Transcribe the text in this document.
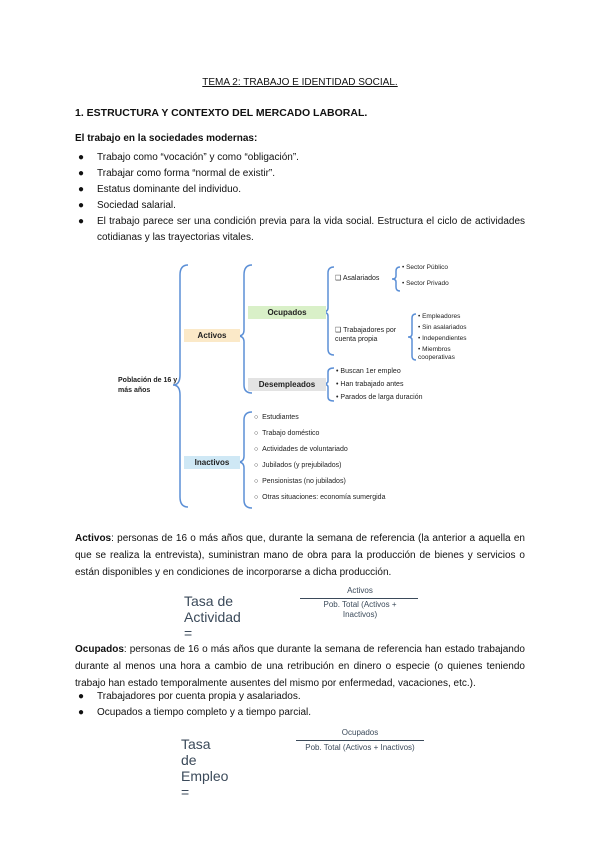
TEMA 2: TRABAJO E IDENTIDAD SOCIAL.
1. ESTRUCTURA Y CONTEXTO DEL MERCADO LABORAL.
El trabajo en la sociedades modernas:
● Trabajo como “vocación” y como “obligación”.
● Trabajar como forma “normal de existir”.
● Estatus dominante del individuo.
● Sociedad salarial.
● El trabajo parece ser una condición previa para la vida social. Estructura el ciclo de actividades cotidianas y las trayectorias vitales.
Población de 16 y más años
Activos
Ocupados
Desempleados
Inactivos
❑ Asalariados
• Sector Público
• Sector Privado
❑ Trabajadores por cuenta propia
• Empleadores
• Sin asalariados
• Independientes
• Miembros cooperativas
• Buscan 1er empleo
• Han trabajado antes
• Parados de larga duración
○  Estudiantes
○  Trabajo doméstico
○  Actividades de voluntariado
○  Jubilados (y prejubilados)
○  Pensionistas (no jubilados)
○  Otras situaciones: economía sumergida
Activos: personas de 16 o más años que, durante la semana de referencia (la anterior a aquella en que se realiza la entrevista), suministran mano de obra para la producción de bienes y servicios o están disponibles y en condiciones de incorporarse a dicha producción.
Tasa de Actividad =
Activos
Pob. Total (Activos + Inactivos)
Ocupados: personas de 16 o más años que durante la semana de referencia han estado trabajando durante al menos una hora a cambio de una retribución en dinero o especie (o quienes teniendo trabajo han estado temporalmente ausentes del mismo por enfermedad, vacaciones, etc.).
● Trabajadores por cuenta propia y asalariados.
● Ocupados a tiempo completo y a tiempo parcial.
Tasa de Empleo =
Ocupados
Pob. Total (Activos + Inactivos)
